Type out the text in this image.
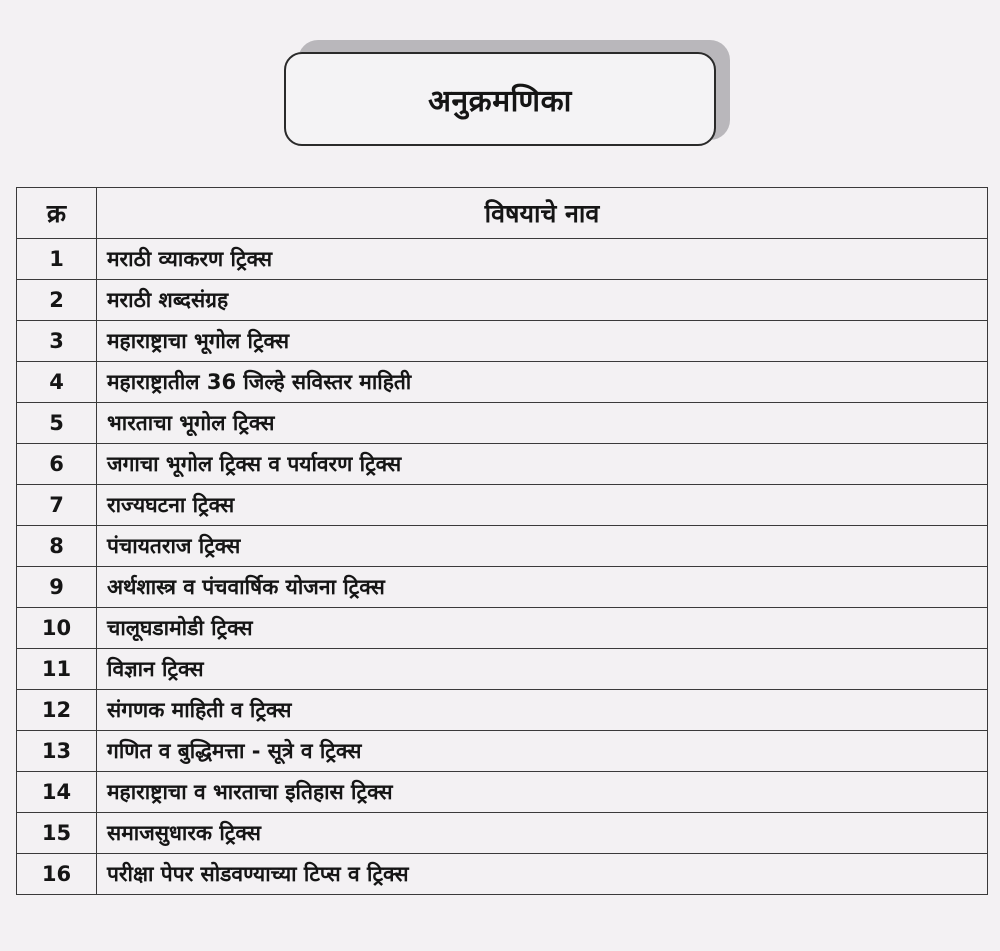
अनुक्रमणिका
क्र	विषयाचे नाव
1	मराठी व्याकरण ट्रिक्स
2	मराठी शब्दसंग्रह
3	महाराष्ट्राचा भूगोल ट्रिक्स
4	महाराष्ट्रातील 36 जिल्हे सविस्तर माहिती
5	भारताचा भूगोल ट्रिक्स
6	जगाचा भूगोल ट्रिक्स व पर्यावरण ट्रिक्स
7	राज्यघटना ट्रिक्स
8	पंचायतराज ट्रिक्स
9	अर्थशास्त्र व पंचवार्षिक योजना ट्रिक्स
10	चालूघडामोडी ट्रिक्स
11	विज्ञान ट्रिक्स
12	संगणक माहिती व ट्रिक्स
13	गणित व बुद्धिमत्ता - सूत्रे व ट्रिक्स
14	महाराष्ट्राचा व भारताचा इतिहास ट्रिक्स
15	समाजसुधारक ट्रिक्स
16	परीक्षा पेपर सोडवण्याच्या टिप्स व ट्रिक्स
